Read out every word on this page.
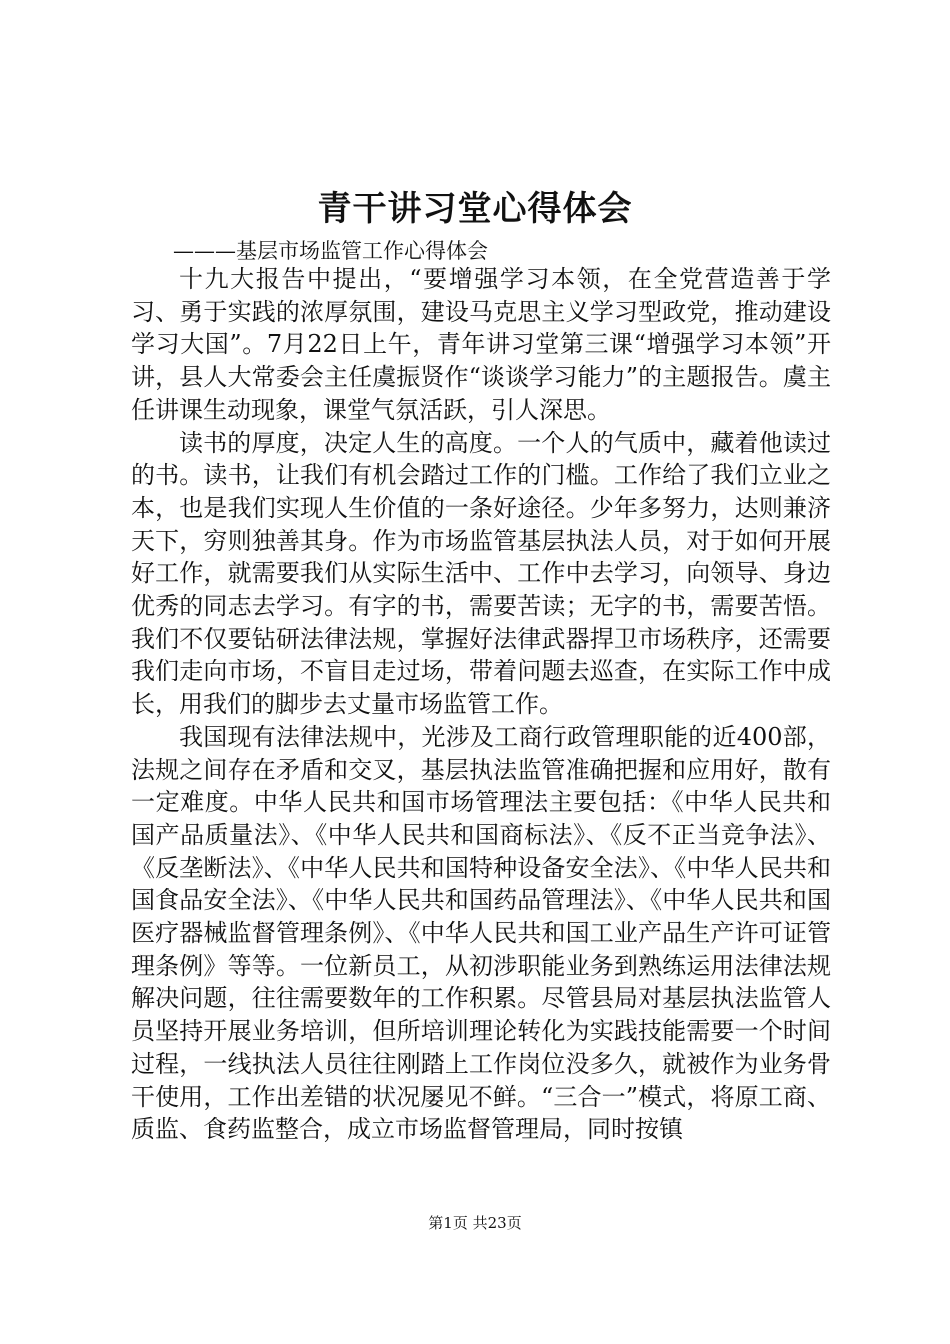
青干讲习堂心得体会
———基层市场监管工作心得体会

十九大报告中提出，“要增强学习本领，在全党营造善于学习、勇于实践的浓厚氛围，建设马克思主义学习型政党，推动建设学习大国”。7月22日上午，青年讲习堂第三课“增强学习本领”开讲，县人大常委会主任虞振贤作“谈谈学习能力”的主题报告。虞主任讲课生动现象，课堂气氛活跃，引人深思。

读书的厚度，决定人生的高度。一个人的气质中，藏着他读过的书。读书，让我们有机会踏过工作的门槛。工作给了我们立业之本，也是我们实现人生价值的一条好途径。少年多努力，达则兼济天下，穷则独善其身。作为市场监管基层执法人员，对于如何开展好工作，就需要我们从实际生活中、工作中去学习，向领导、身边优秀的同志去学习。有字的书，需要苦读；无字的书，需要苦悟。我们不仅要钻研法律法规，掌握好法律武器捍卫市场秩序，还需要我们走向市场，不盲目走过场，带着问题去巡查，在实际工作中成长，用我们的脚步去丈量市场监管工作。

我国现有法律法规中，光涉及工商行政管理职能的近400部，法规之间存在矛盾和交叉，基层执法监管准确把握和应用好，散有一定难度。中华人民共和国市场管理法主要包括：《中华人民共和国产品质量法》、《中华人民共和国商标法》、《反不正当竞争法》、《反垄断法》、《中华人民共和国特种设备安全法》、《中华人民共和国食品安全法》、《中华人民共和国药品管理法》、《中华人民共和国医疗器械监督管理条例》、《中华人民共和国工业产品生产许可证管理条例》等等。一位新员工，从初涉职能业务到熟练运用法律法规解决问题，往往需要数年的工作积累。尽管县局对基层执法监管人员坚持开展业务培训，但所培训理论转化为实践技能需要一个时间过程，一线执法人员往往刚踏上工作岗位没多久，就被作为业务骨干使用，工作出差错的状况屡见不鲜。“三合一”模式，将原工商、质监、食药监整合，成立市场监督管理局，同时按镇

第1页 共23页
